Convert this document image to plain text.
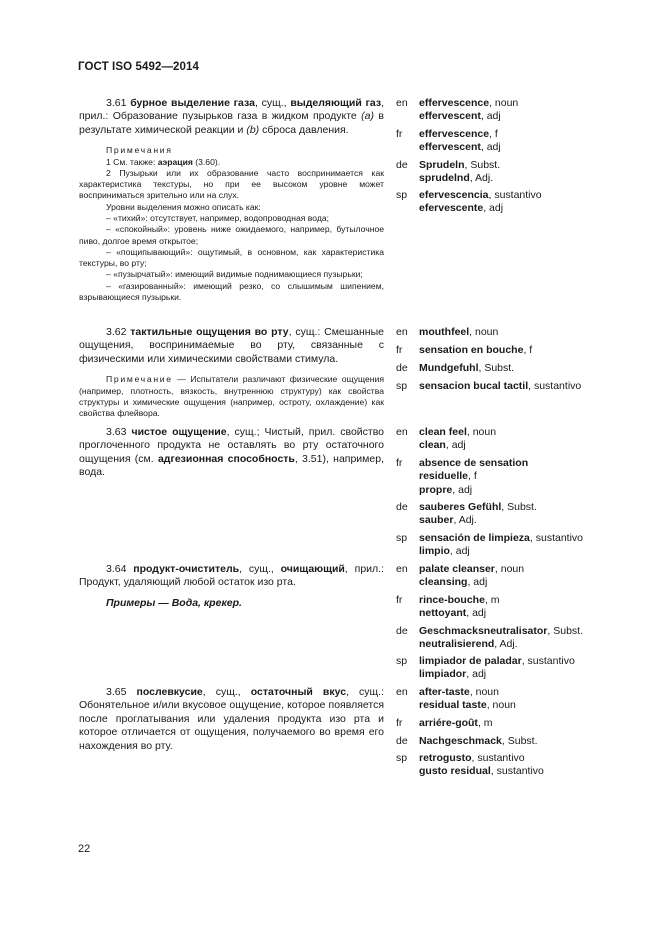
ГОСТ ISO 5492—2014

3.61 бурное выделение газа, сущ., выделяющий газ, прил.: Образование пузырьков газа в жидком продукте (а) в результате химической реакции и (b) сброса давления.

Примечания

1 См. также: аэрация (3.60).

2 Пузырьки или их образование часто воспринимается как характеристика текстуры, но при ее высоком уровне может восприниматься зрительно или на слух.

Уровни выделения можно описать как:

– «тихий»: отсутствует, например, водопроводная вода;

– «спокойный»: уровень ниже ожидаемого, например, бутылочное пиво, долгое время открытое;

– «пощипывающий»: ощутимый, в основном, как характеристика текстуры, во рту;

– «пузырчатый»: имеющий видимые поднимающиеся пузырьки;

– «газированный»: имеющий резко, со слышимым шипением, взрывающиеся пузырьки.

en	effervescence, noun
effervescent, adj
fr	effervescence, f
effervescent, adj
de	Sprudeln, Subst.
sprudelnd, Adj.
sp	efervescencia, sustantivo
efervescente, adj

3.62 тактильные ощущения во рту, сущ.: Смешанные ощущения, воспринимаемые во рту, связанные с физическими или химическими свойствами стимула.

Примечание — Испытатели различают физические ощущения (например, плотность, вязкость, внутреннюю структуру) как свойства структуры и химические ощущения (например, остроту, охлаждение) как свойства флейвора.

en	mouthfeel, noun
fr	sensation en bouche, f
de	Mundgefuhl, Subst.
sp	sensacion bucal tactil, sustantivo

3.63 чистое ощущение, сущ.; Чистый, прил. свойство проглоченного продукта не оставлять во рту остаточного ощущения (см. адгезионная способность, 3.51), например, вода.

en	clean feel, noun
clean, adj
fr	absence de sensation
residuelle, f
propre, adj
de	sauberes Gefühl, Subst.
sauber, Adj.
sp	sensación de limpieza, sustantivo
limpio, adj

3.64 продукт-очиститель, сущ., очищающий, прил.: Продукт, удаляющий любой остаток изо рта.

Примеры — Вода, крекер.

en	palate cleanser, noun
cleansing, adj
fr	rince-bouche, m
nettoyant, adj
de	Geschmacksneutralisator, Subst.
neutralisierend, Adj.
sp	limpiador de paladar, sustantivo
limpiador, adj

3.65 послевкусие, сущ., остаточный вкус, сущ.: Обонятельное и/или вкусовое ощущение, которое появляется после проглатывания или удаления продукта изо рта и которое отличается от ощущения, получаемого во время его нахождения во рту.

en	after-taste, noun
residual taste, noun
fr	arriére-goût, m
de	Nachgeschmack, Subst.
sp	retrogusto, sustantivo
gusto residual, sustantivo
22
